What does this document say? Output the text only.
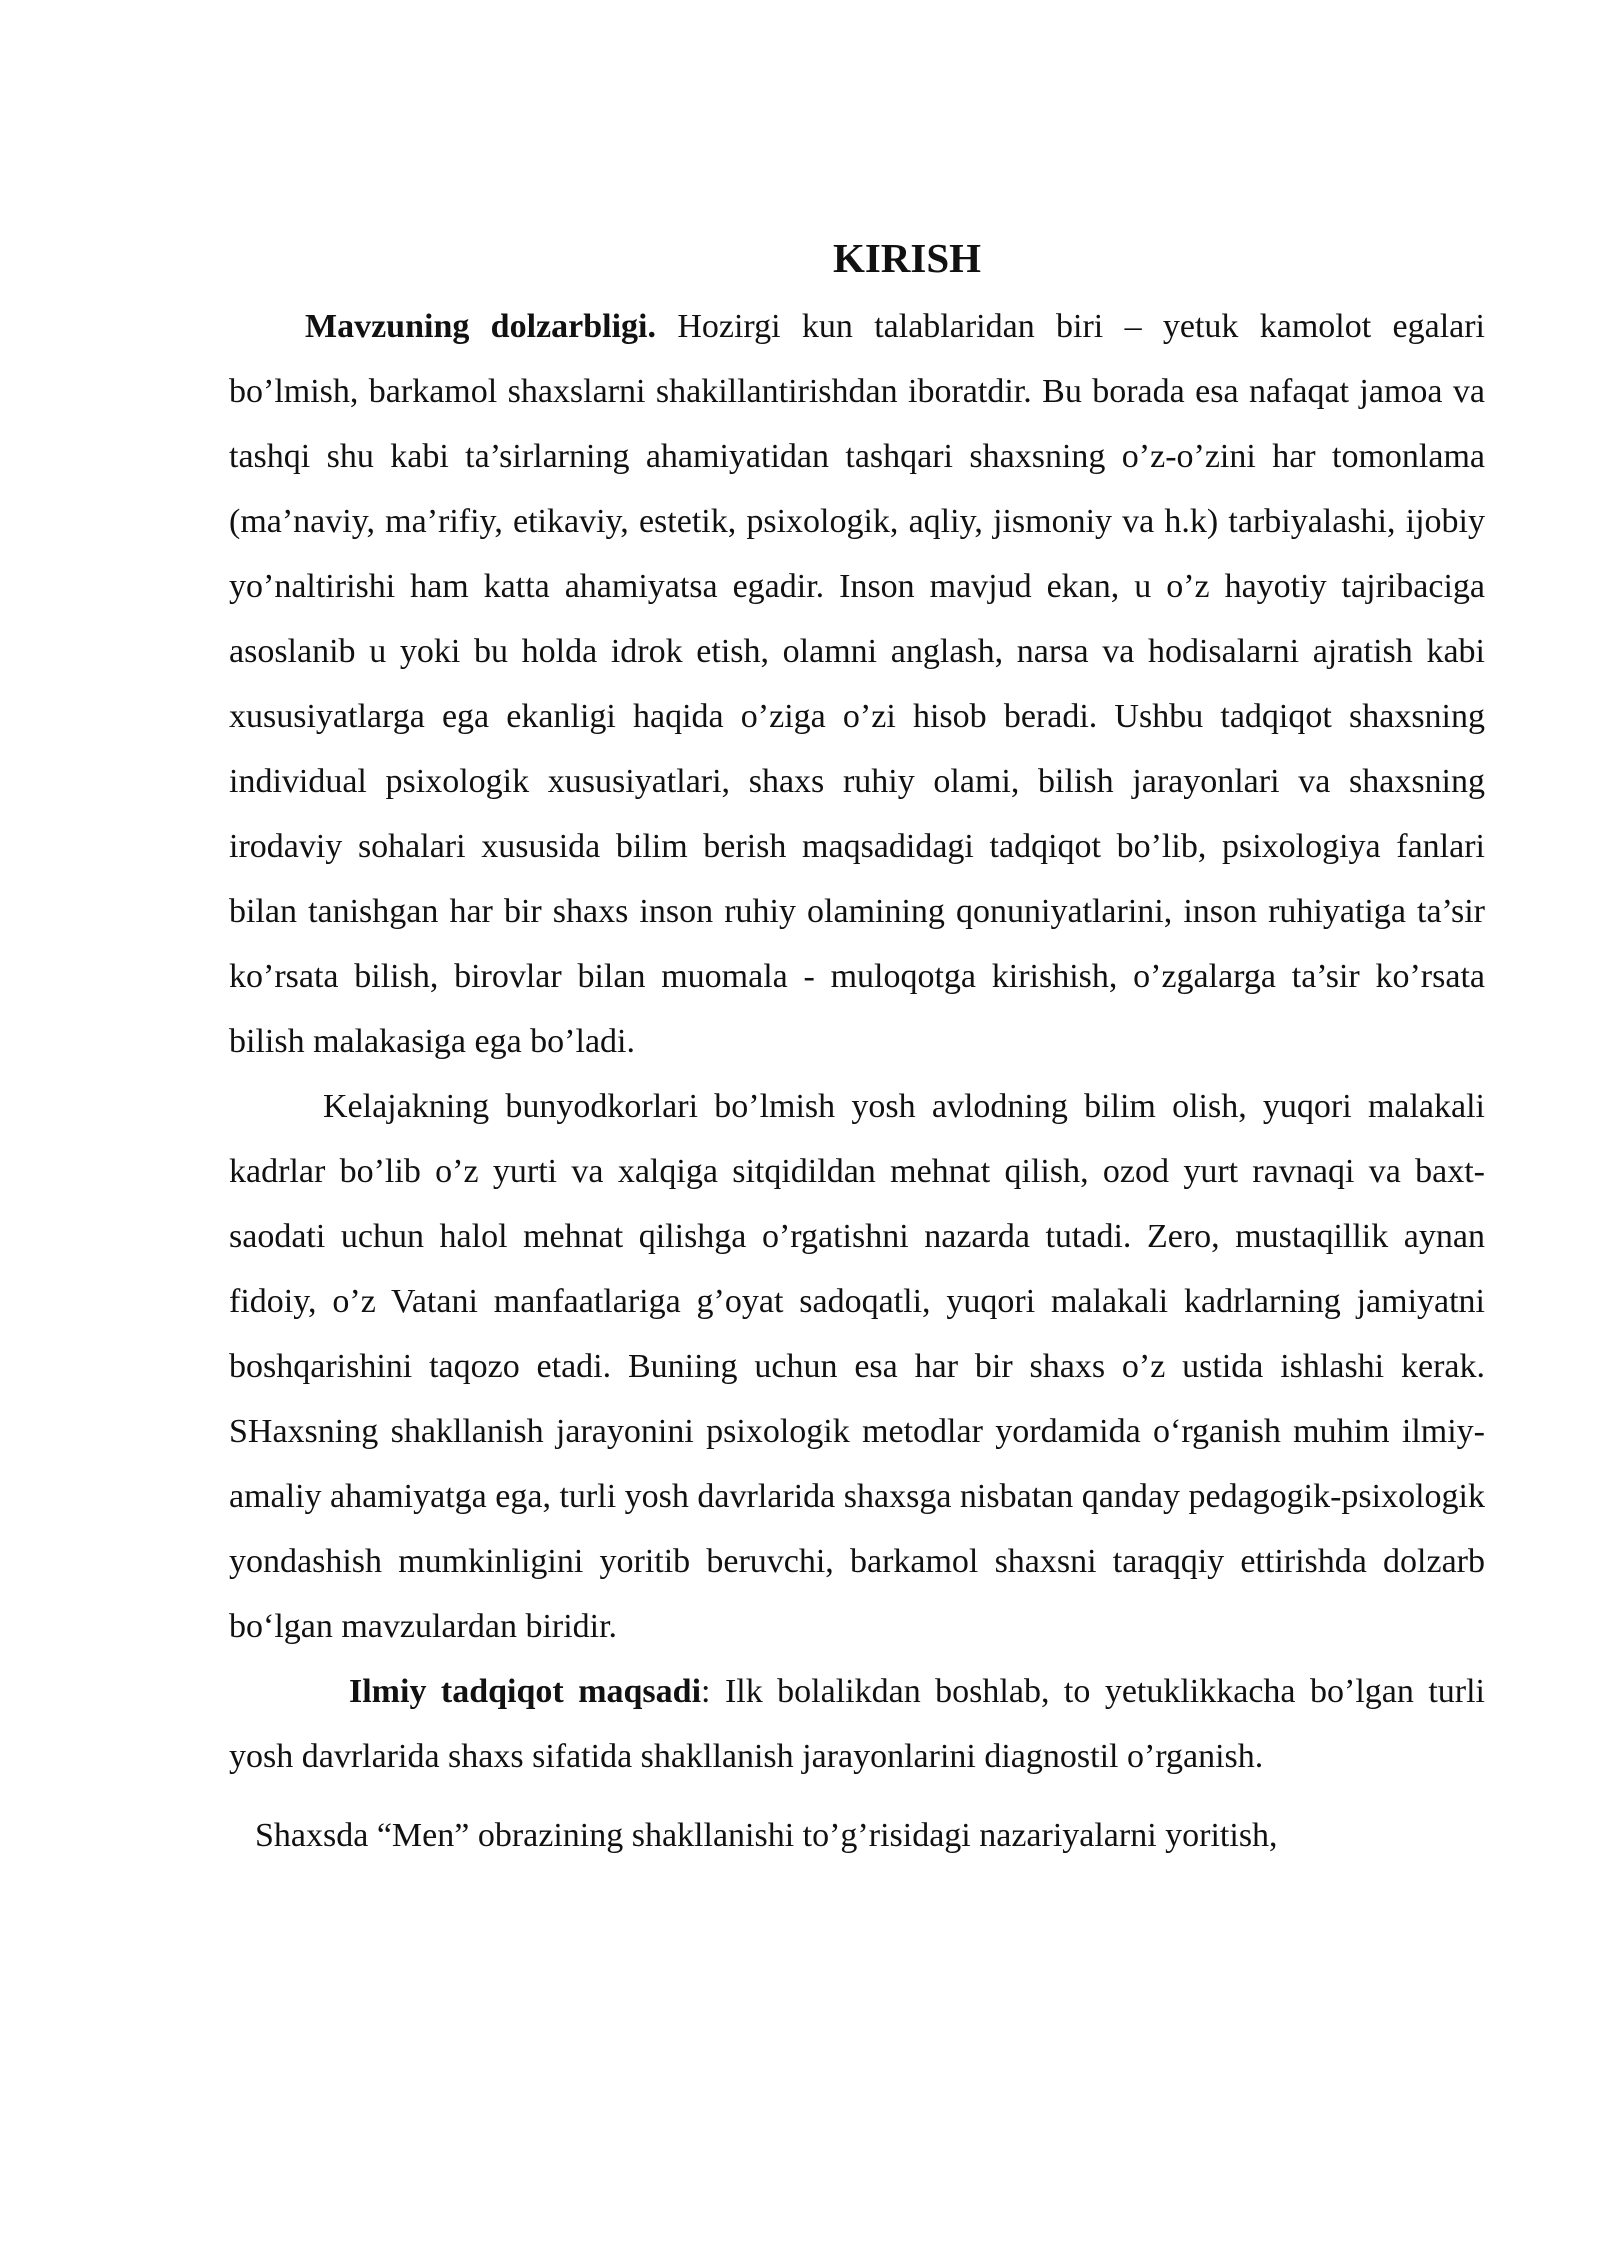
KIRISH

Mavzuning dolzarbligi. Hozirgi kun talablaridan biri – yetuk kamolot egalari bo’lmish, barkamol shaxslarni shakillantirishdan iboratdir. Bu borada esa nafaqat jamoa va tashqi shu kabi ta’sirlarning ahamiyatidan tashqari shaxsning o’z-o’zini har tomonlama (ma’naviy, ma’rifiy, etikaviy, estetik, psixologik, aqliy, jismoniy va h.k) tarbiyalashi, ijobiy yo’naltirishi ham katta ahamiyatsa egadir. Inson mavjud ekan, u o’z hayotiy tajribaciga asoslanib u yoki bu holda idrok etish, olamni anglash, narsa va hodisalarni ajratish kabi xususiyatlarga ega ekanligi haqida o’ziga o’zi hisob beradi. Ushbu tadqiqot shaxsning individual psixologik xususiyatlari, shaxs ruhiy olami, bilish jarayonlari va shaxsning irodaviy sohalari xususida bilim berish maqsadidagi tadqiqot bo’lib, psixologiya fanlari bilan tanishgan har bir shaxs inson ruhiy olamining qonuniyatlarini, inson ruhiyatiga ta’sir ko’rsata bilish, birovlar bilan muomala - muloqotga kirishish, o’zgalarga ta’sir ko’rsata bilish malakasiga ega bo’ladi.

Kelajakning bunyodkorlari bo’lmish yosh avlodning bilim olish, yuqori malakali kadrlar bo’lib o’z yurti va xalqiga sitqidildan mehnat qilish, ozod yurt ravnaqi va baxt-saodati uchun halol mehnat qilishga o’rgatishni nazarda tutadi. Zero, mustaqillik aynan fidoiy, o’z Vatani manfaatlariga g’oyat sadoqatli, yuqori malakali kadrlarning jamiyatni boshqarishini taqozo etadi. Buniing uchun esa har bir shaxs o’z ustida ishlashi kerak. SHaxsning shakllanish jarayonini psixologik metodlar yordamida o‘rganish muhim ilmiy-amaliy ahamiyatga ega, turli yosh davrlarida shaxsga nisbatan qanday pedagogik-psixologik yondashish mumkinligini yoritib beruvchi, barkamol shaxsni taraqqiy ettirishda dolzarb bo‘lgan mavzulardan biridir.

Ilmiy tadqiqot maqsadi: Ilk bolalikdan boshlab, to yetuklikkacha bo’lgan turli yosh davrlarida shaxs sifatida shakllanish jarayonlarini diagnostil o’rganish.

Shaxsda “Men” obrazining shakllanishi to’g’risidagi nazariyalarni yoritish,
